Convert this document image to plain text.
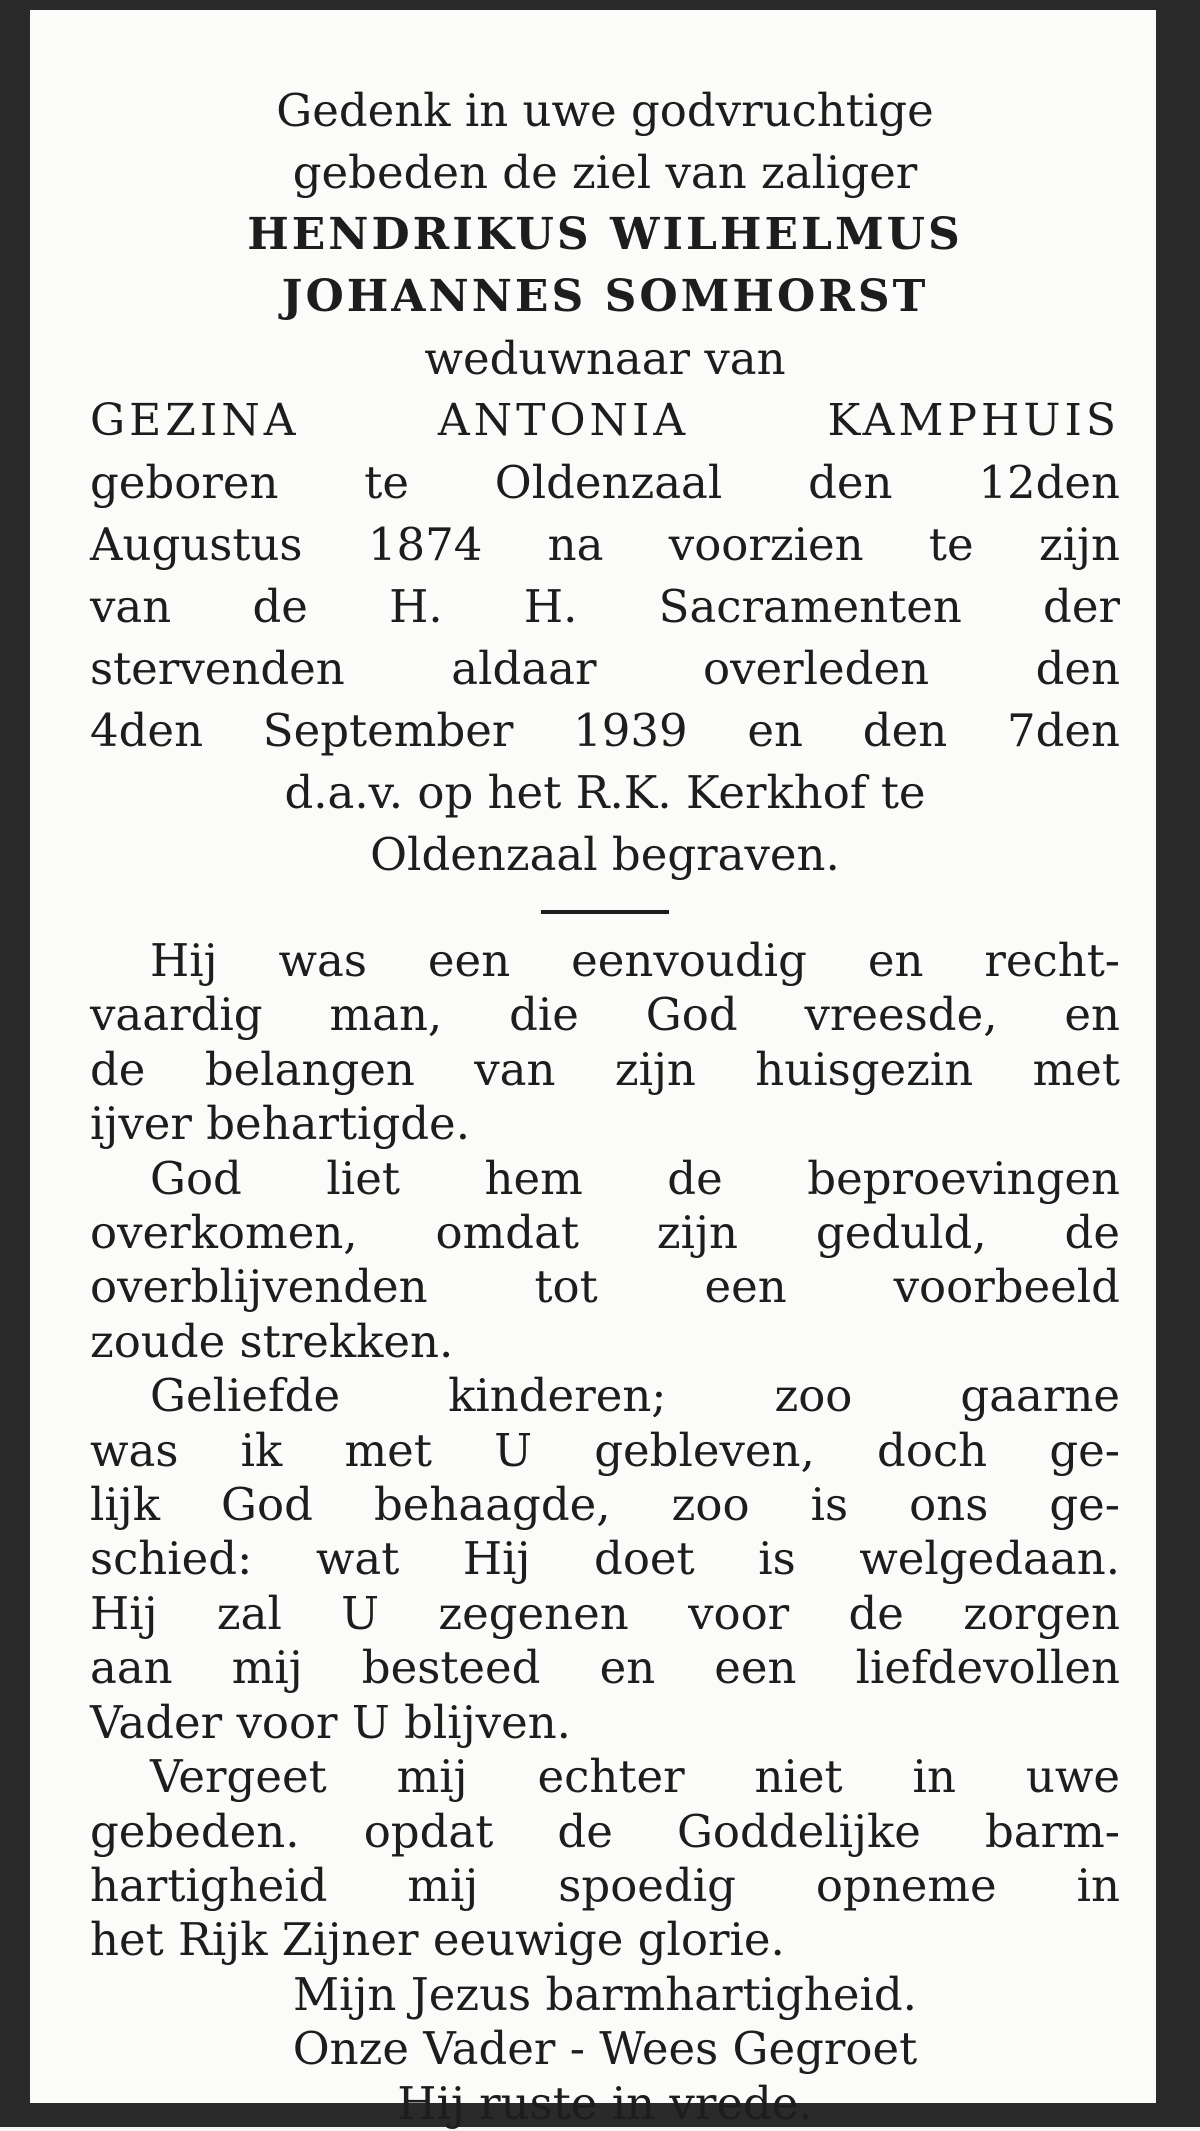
Gedenk in uwe godvruchtige
gebeden de ziel van zaliger
HENDRIKUS WILHELMUS
JOHANNES SOMHORST
weduwnaar van
GEZINA ANTONIA KAMPHUIS
geboren te Oldenzaal den 12den
Augustus 1874 na voorzien te zijn
van de H. H. Sacramenten der
stervenden aldaar overleden den
4den September 1939 en den 7den
d.a.v. op het R.K. Kerkhof te
Oldenzaal begraven.
Hij was een eenvoudig en recht-
vaardig man, die God vreesde, en
de belangen van zijn huisgezin met
ijver behartigde.
God liet hem de beproevingen
overkomen, omdat zijn geduld, de
overblijvenden tot een voorbeeld
zoude strekken.
Geliefde kinderen; zoo gaarne
was ik met U gebleven, doch ge-
lijk God behaagde, zoo is ons ge-
schied: wat Hij doet is welgedaan.
Hij zal U zegenen voor de zorgen
aan mij besteed en een liefdevollen
Vader voor U blijven.
Vergeet mij echter niet in uwe
gebeden. opdat de Goddelijke barm-
hartigheid mij spoedig opneme in
het Rijk Zijner eeuwige glorie.
Mijn Jezus barmhartigheid.
Onze Vader - Wees Gegroet
Hij ruste in vrede.
